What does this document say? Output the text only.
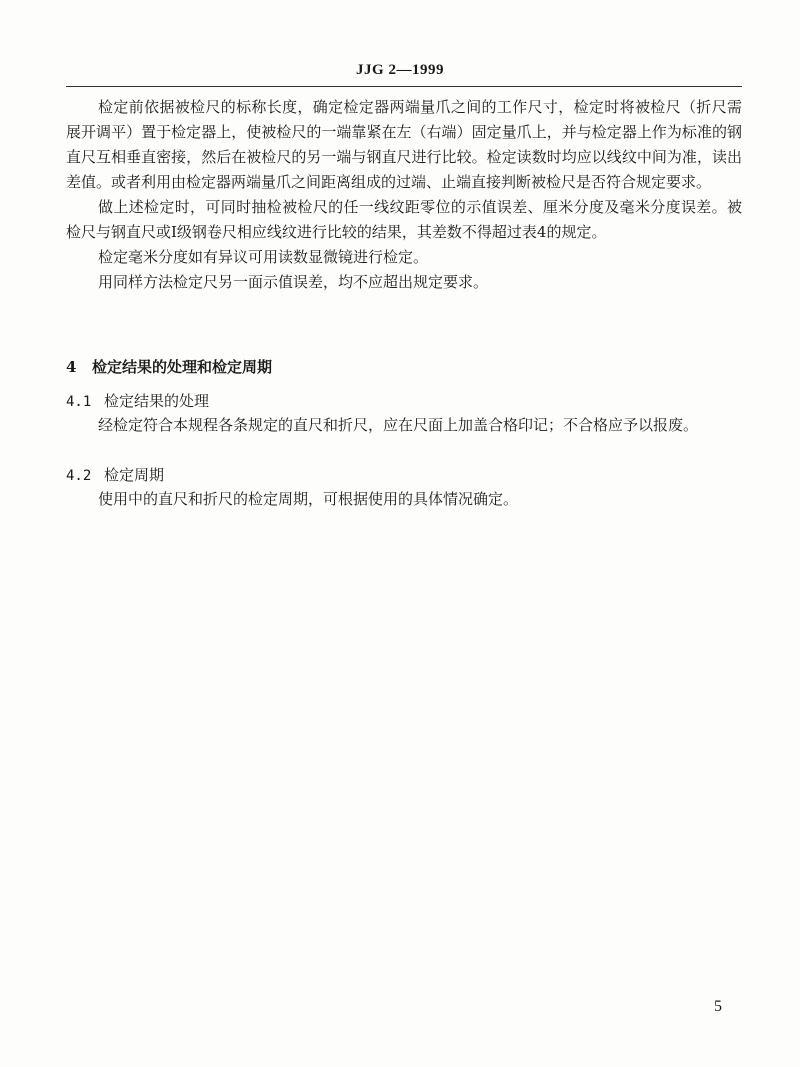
JJG 2—1999

检定前依据被检尺的标称长度，确定检定器两端量爪之间的工作尺寸，检定时将被检尺（折尺需展开调平）置于检定器上，使被检尺的一端靠紧在左（右端）固定量爪上，并与检定器上作为标准的钢直尺互相垂直密接，然后在被检尺的另一端与钢直尺进行比较。检定读数时均应以线纹中间为准，读出差值。或者利用由检定器两端量爪之间距离组成的过端、止端直接判断被检尺是否符合规定要求。

做上述检定时，可同时抽检被检尺的任一线纹距零位的示值误差、厘米分度及毫米分度误差。被检尺与钢直尺或Ⅰ级钢卷尺相应线纹进行比较的结果，其差数不得超过表4的规定。

检定毫米分度如有异议可用读数显微镜进行检定。

用同样方法检定尺另一面示值误差，均不应超出规定要求。

4 检定结果的处理和检定周期
4.1 检定结果的处理

经检定符合本规程各条规定的直尺和折尺，应在尺面上加盖合格印记；不合格应予以报废。

4.2 检定周期

使用中的直尺和折尺的检定周期，可根据使用的具体情况确定。

5
